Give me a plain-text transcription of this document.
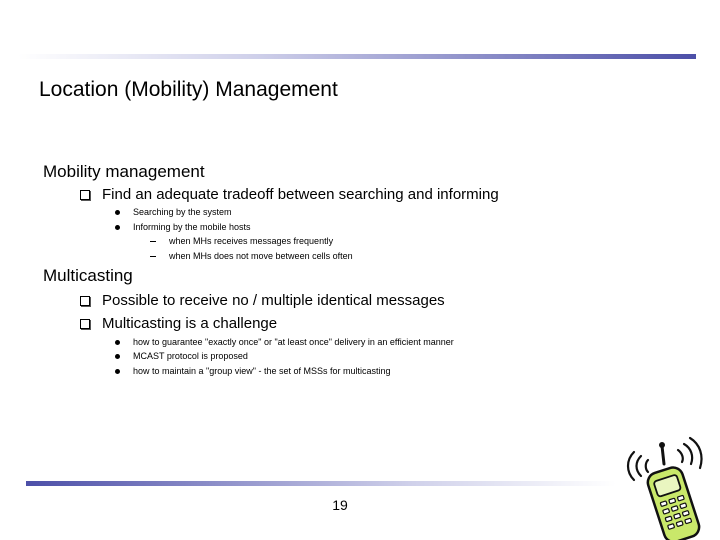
Location (Mobility) Management
Mobility management
Find an adequate tradeoff between searching and informing
Searching by the system
Informing by the mobile hosts
when MHs receives messages frequently
when MHs does not move between cells often
Multicasting
Possible to receive no / multiple identical messages
Multicasting is a challenge
how to guarantee "exactly once" or "at least once" delivery in an efficient manner
MCAST protocol is proposed
how to maintain a "group view" - the set of MSSs for multicasting
19
